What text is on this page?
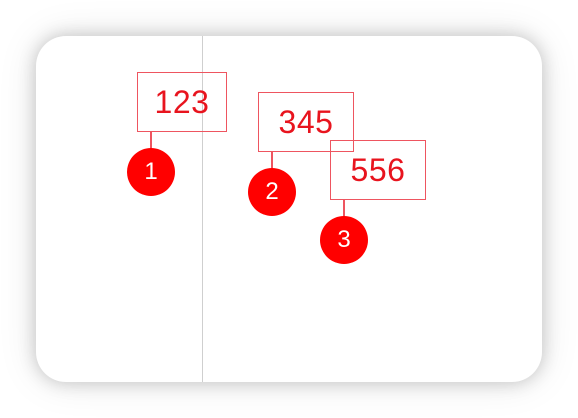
123
1
345
2
556
3
